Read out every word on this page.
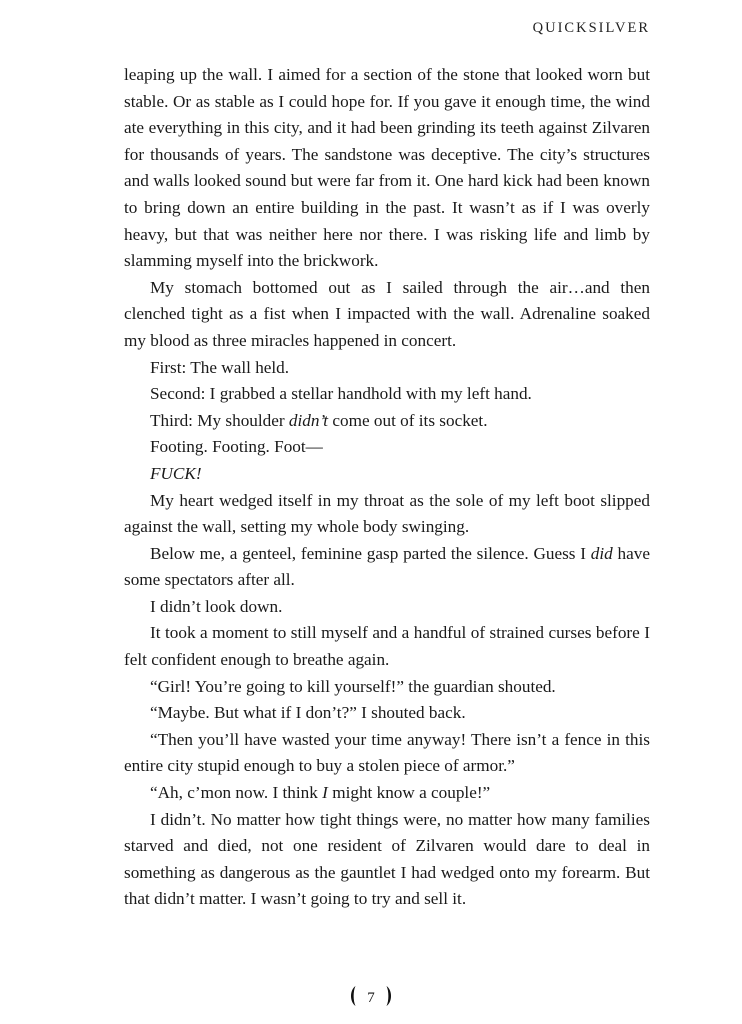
QUICKSILVER

leaping up the wall. I aimed for a section of the stone that looked worn but stable. Or as stable as I could hope for. If you gave it enough time, the wind ate everything in this city, and it had been grinding its teeth against Zilvaren for thousands of years. The sandstone was deceptive. The city’s structures and walls looked sound but were far from it. One hard kick had been known to bring down an entire building in the past. It wasn’t as if I was overly heavy, but that was neither here nor there. I was risking life and limb by slamming myself into the brickwork.

My stomach bottomed out as I sailed through the air…and then clenched tight as a fist when I impacted with the wall. Adrenaline soaked my blood as three miracles happened in concert.

First: The wall held.

Second: I grabbed a stellar handhold with my left hand.

Third: My shoulder didn’t come out of its socket.

Footing. Footing. Foot—

FUCK!

My heart wedged itself in my throat as the sole of my left boot slipped against the wall, setting my whole body swinging.

Below me, a genteel, feminine gasp parted the silence. Guess I did have some spectators after all.

I didn’t look down.

It took a moment to still myself and a handful of strained curses before I felt confident enough to breathe again.

“Girl! You’re going to kill yourself!” the guardian shouted.

“Maybe. But what if I don’t?” I shouted back.

“Then you’ll have wasted your time anyway! There isn’t a fence in this entire city stupid enough to buy a stolen piece of armor.”

“Ah, c’mon now. I think I might know a couple!”

I didn’t. No matter how tight things were, no matter how many families starved and died, not one resident of Zilvaren would dare to deal in something as dangerous as the gauntlet I had wedged onto my forearm. But that didn’t matter. I wasn’t going to try and sell it.

7
